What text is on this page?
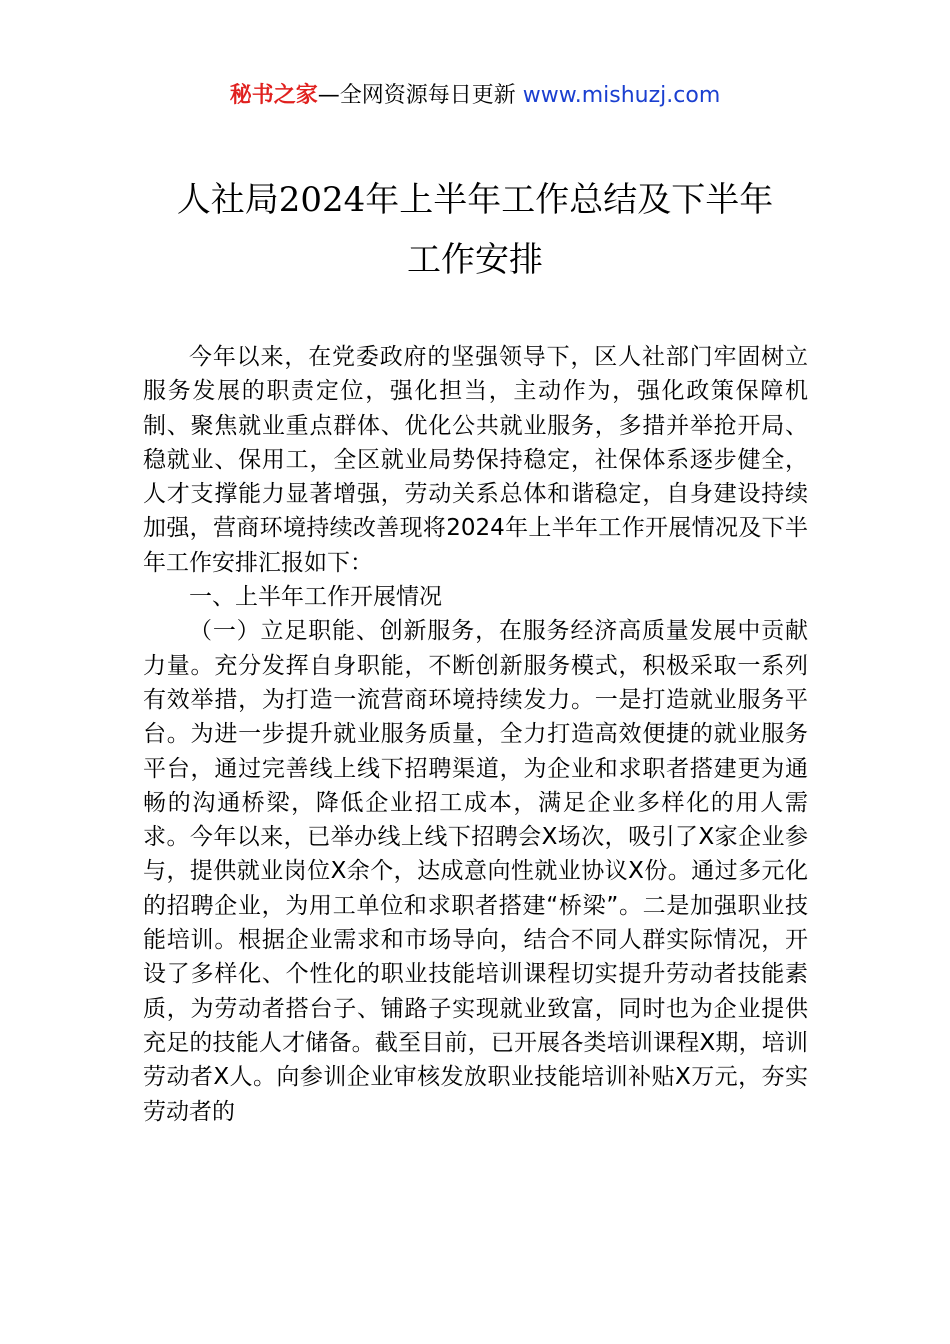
秘书之家—全网资源每日更新 www.mishuzj.com
人社局2024年上半年工作总结及下半年
工作安排

今年以来，在党委政府的坚强领导下，区人社部门牢固树立服务发展的职责定位，强化担当，主动作为，强化政策保障机制、聚焦就业重点群体、优化公共就业服务，多措并举抢开局、稳就业、保用工，全区就业局势保持稳定，社保体系逐步健全，人才支撑能力显著增强，劳动关系总体和谐稳定，自身建设持续加强，营商环境持续改善现将2024年上半年工作开展情况及下半年工作安排汇报如下：

一、上半年工作开展情况

（一）立足职能、创新服务，在服务经济高质量发展中贡献力量。充分发挥自身职能，不断创新服务模式，积极采取一系列有效举措，为打造一流营商环境持续发力。一是打造就业服务平台。为进一步提升就业服务质量，全力打造高效便捷的就业服务平台，通过完善线上线下招聘渠道，为企业和求职者搭建更为通畅的沟通桥梁，降低企业招工成本，满足企业多样化的用人需求。今年以来，已举办线上线下招聘会X场次，吸引了X家企业参与，提供就业岗位X余个，达成意向性就业协议X份。通过多元化的招聘企业，为用工单位和求职者搭建“桥梁”。二是加强职业技能培训。根据企业需求和市场导向，结合不同人群实际情况，开设了多样化、个性化的职业技能培训课程切实提升劳动者技能素质，为劳动者搭台子、铺路子实现就业致富，同时也为企业提供充足的技能人才储备。截至目前，已开展各类培训课程X期，培训劳动者X人。向参训企业审核发放职业技能培训补贴X万元，夯实劳动者的
